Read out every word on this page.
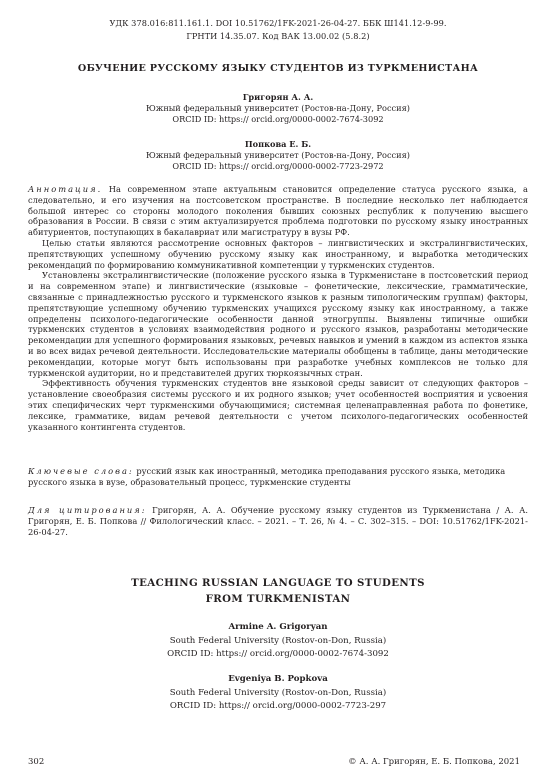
УДК 378.016:811.161.1. DOI 10.51762/1FK-2021-26-04-27. ББК Ш141.12-9-99.
ГРНТИ 14.35.07. Код ВАК 13.00.02 (5.8.2)
ОБУЧЕНИЕ РУССКОМУ ЯЗЫКУ СТУДЕНТОВ ИЗ ТУРКМЕНИСТАНА
Григорян А. А.
Южный федеральный университет (Ростов-на-Дону, Россия)
ORCID ID: https:// orcid.org/0000-0002-7674-3092
Попкова Е. Б.
Южный федеральный университет (Ростов-на-Дону, Россия)
ORCID ID: https:// orcid.org/0000-0002-7723-2972

Аннотация. На современном этапе актуальным становится определение статуса русского языка, а следовательно, и его изучения на постсоветском пространстве. В последние несколько лет наблюдается большой интерес со стороны молодого поколения бывших союзных республик к получению высшего образования в России. В связи с этим актуализируется проблема подготовки по русскому языку иностранных абитуриентов, поступающих в бакалавриат или магистратуру в вузы РФ.

Целью статьи являются рассмотрение основных факторов – лингвистических и экстралингвистических, препятствующих успешному обучению русскому языку как иностранному, и выработка методических рекомендаций по формированию коммуникативной компетенции у туркменских студентов.

Установлены экстралингвистические (положение русского языка в Туркменистане в постсоветский период и на современном этапе) и лингвистические (языковые – фонетические, лексические, грамматические, связанные с принадлежностью русского и туркменского языков к разным типологическим группам) факторы, препятствующие успешному обучению туркменских учащихся русскому языку как иностранному, а также определены психолого-педагогические особенности данной этногруппы. Выявлены типичные ошибки туркменских студентов в условиях взаимодействия родного и русского языков, разработаны методические рекомендации для успешного формирования языковых, речевых навыков и умений в каждом из аспектов языка и во всех видах речевой деятельности. Исследовательские материалы обобщены в таблице, даны методические рекомендации, которые могут быть использованы при разработке учебных комплексов не только для туркменской аудитории, но и представителей других тюркоязычных стран.

Эффективность обучения туркменских студентов вне языковой среды зависит от следующих факторов – установление своеобразия системы русского и их родного языков; учет особенностей восприятия и усвоения этих специфических черт туркменскими обучающимися; системная целенаправленная работа по фонетике, лексике, грамматике, видам речевой деятельности с учетом психолого-педагогических особенностей указанного контингента студентов.

Ключевые слова: русский язык как иностранный, методика преподавания русского языка, методика русского языка в вузе, образовательный процесс, туркменские студенты
Для цитирования: Григорян, А. А. Обучение русскому языку студентов из Туркменистана / А. А. Григорян, Е. Б. Попкова // Филологический класс. – 2021. – Т. 26, № 4. – С. 302–315. – DOI: 10.51762/1FK-2021-26-04-27.
TEACHING RUSSIAN LANGUAGE TO STUDENTS
FROM TURKMENISTAN
Armine A. Grigoryan
South Federal University (Rostov-on-Don, Russia)
ORCID ID: https:// orcid.org/0000-0002-7674-3092
Evgeniya B. Popkova
South Federal University (Rostov-on-Don, Russia)
ORCID ID: https:// orcid.org/0000-0002-7723-297
302	© А. А. Григорян, Е. Б. Попкова, 2021
